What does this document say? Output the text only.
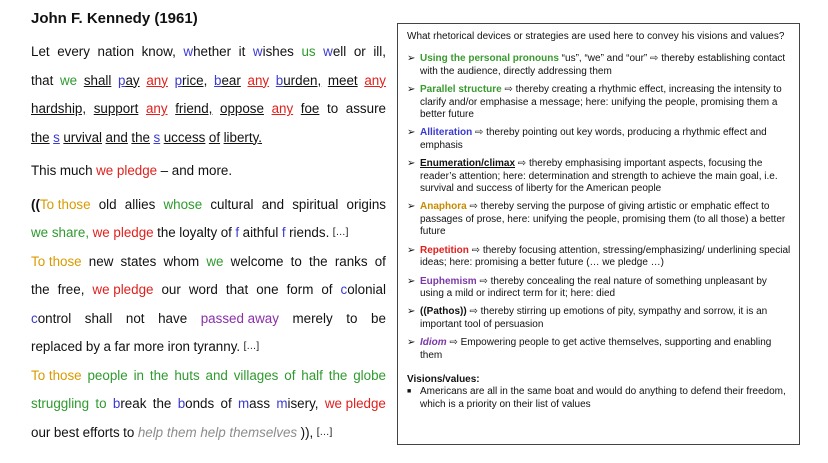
John F. Kennedy (1961)
Let every nation know, whether it wishes us well or ill,
that we shall pay any price, bear any burden, meet any
hardship, support any friend, oppose any foe to assure
the s urvival and the s uccess of liberty.
This much we pledge – and more.
((To those old allies whose cultural and spiritual origins
we share, we pledge the loyalty of f aithful f riends. […]
To those new states whom we welcome to the ranks of
the free, we pledge our word that one form of colonial
control shall not have passed away merely to be
replaced by a far more iron tyranny. […]
To those people in the huts and villages of half the globe
struggling to break the bonds of mass misery, we pledge
our best efforts to help them help themselves )), […]
What rhetorical devices or strategies are used here to convey his visions and values?
➢ Using the personal pronouns “us”, “we” and “our” ⇨ thereby establishing contact with the audience, directly addressing them
➢ Parallel structure ⇨ thereby creating a rhythmic effect, increasing the intensity to clarify and/or emphasise a message; here: unifying the people, promising them a better future
➢ Alliteration ⇨ thereby pointing out key words, producing a rhythmic effect and emphasis
➢ Enumeration/climax ⇨ thereby emphasising important aspects, focusing the reader’s attention; here: determination and strength to achieve the main goal, i.e. survival and success of liberty for the American people
➢ Anaphora ⇨ thereby serving the purpose of giving artistic or emphatic effect to passages of prose, here: unifying the people, promising them (to all those) a better future
➢ Repetition ⇨ thereby focusing attention, stressing/emphasizing/ underlining special ideas; here: promising a better future (… we pledge …)
➢ Euphemism ⇨ thereby concealing the real nature of something unpleasant by using a mild or indirect term for it; here: died
➢ ((Pathos)) ⇨ thereby stirring up emotions of pity, sympathy and sorrow, it is an important tool of persuasion
➢ Idiom ⇨ Empowering people to get active themselves, supporting and enabling them
Visions/values:
■ Americans are all in the same boat and would do anything to defend their freedom, which is a priority on their list of values
